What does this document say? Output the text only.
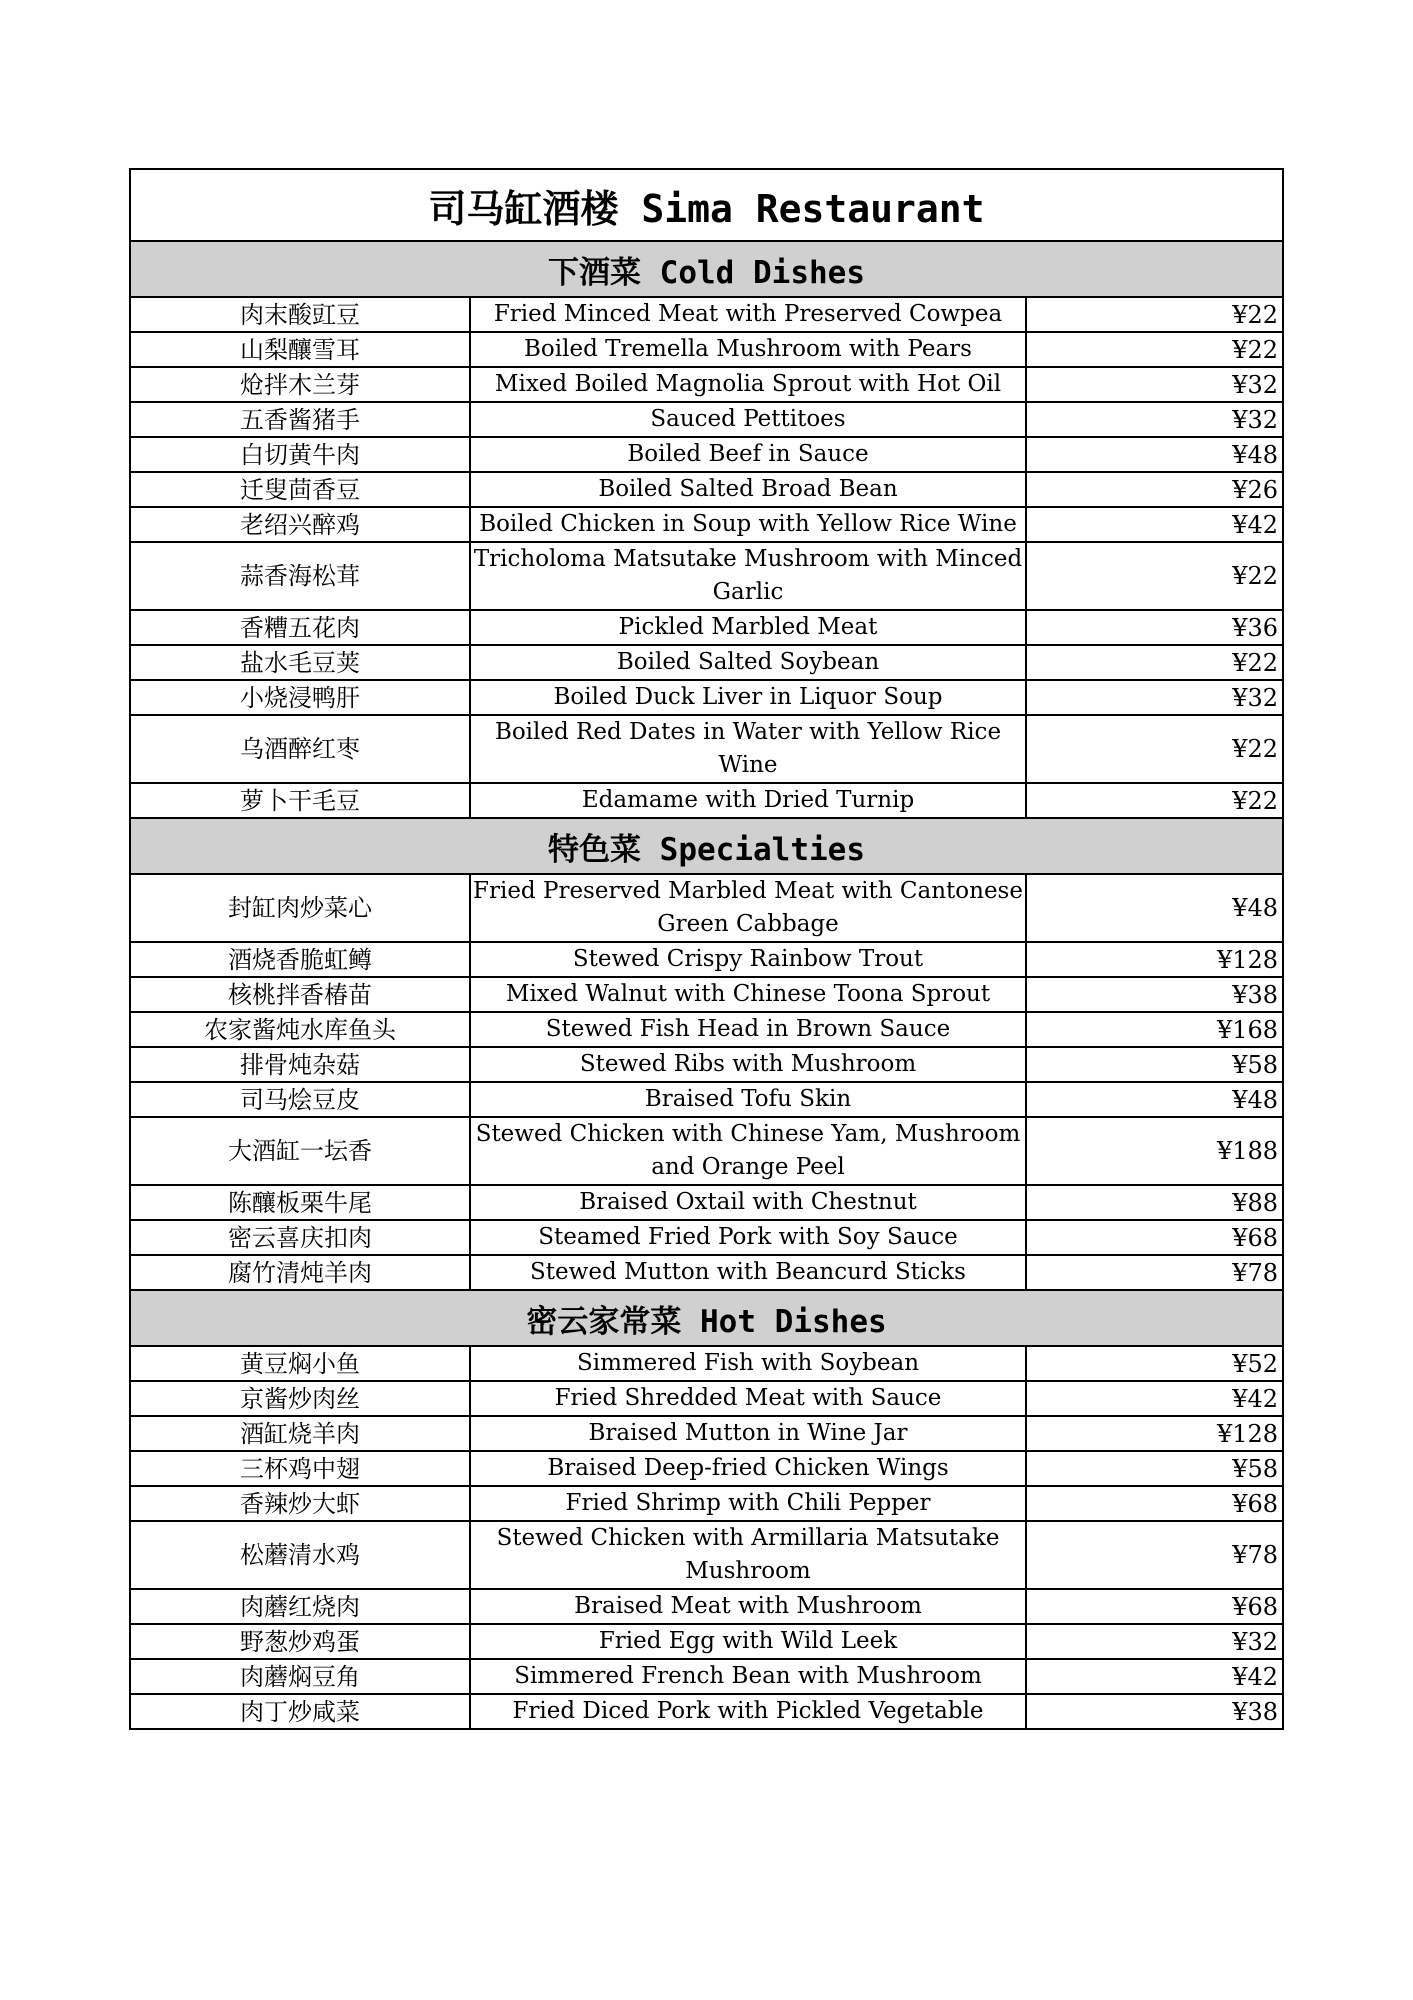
司马缸酒楼 Sima Restaurant		
下酒菜 Cold Dishes		
肉末酸豇豆	Fried Minced Meat with Preserved Cowpea	¥22
山梨釀雪耳	Boiled Tremella Mushroom with Pears	¥22
炝拌木兰芽	Mixed Boiled Magnolia Sprout with Hot Oil	¥32
五香酱猪手	Sauced Pettitoes	¥32
白切黄牛肉	Boiled Beef in Sauce	¥48
迁叟茴香豆	Boiled Salted Broad Bean	¥26
老绍兴醉鸡	Boiled Chicken in Soup with Yellow Rice Wine	¥42
蒜香海松茸	Tricholoma Matsutake Mushroom with Minced Garlic	¥22
香糟五花肉	Pickled Marbled Meat	¥36
盐水毛豆荚	Boiled Salted Soybean	¥22
小烧浸鸭肝	Boiled Duck Liver in Liquor Soup	¥32
乌酒醉红枣	Boiled Red Dates in Water with Yellow Rice Wine	¥22
萝卜干毛豆	Edamame with Dried Turnip	¥22
特色菜 Specialties		
封缸肉炒菜心	Fried Preserved Marbled Meat with Cantonese Green Cabbage	¥48
酒烧香脆虹鳟	Stewed Crispy Rainbow Trout	¥128
核桃拌香椿苗	Mixed Walnut with Chinese Toona Sprout	¥38
农家酱炖水库鱼头	Stewed Fish Head in Brown Sauce	¥168
排骨炖杂菇	Stewed Ribs with Mushroom	¥58
司马烩豆皮	Braised Tofu Skin	¥48
大酒缸一坛香	Stewed Chicken with Chinese Yam, Mushroom and Orange Peel	¥188
陈釀板栗牛尾	Braised Oxtail with Chestnut	¥88
密云喜庆扣肉	Steamed Fried Pork with Soy Sauce	¥68
腐竹清炖羊肉	Stewed Mutton with Beancurd Sticks	¥78
密云家常菜 Hot Dishes		
黄豆焖小鱼	Simmered Fish with Soybean	¥52
京酱炒肉丝	Fried Shredded Meat with Sauce	¥42
酒缸烧羊肉	Braised Mutton in Wine Jar	¥128
三杯鸡中翅	Braised Deep-fried Chicken Wings	¥58
香辣炒大虾	Fried Shrimp with Chili Pepper	¥68
松蘑清水鸡	Stewed Chicken with Armillaria Matsutake Mushroom	¥78
肉蘑红烧肉	Braised Meat with Mushroom	¥68
野葱炒鸡蛋	Fried Egg with Wild Leek	¥32
肉蘑焖豆角	Simmered French Bean with Mushroom	¥42
肉丁炒咸菜	Fried Diced Pork with Pickled Vegetable	¥38
